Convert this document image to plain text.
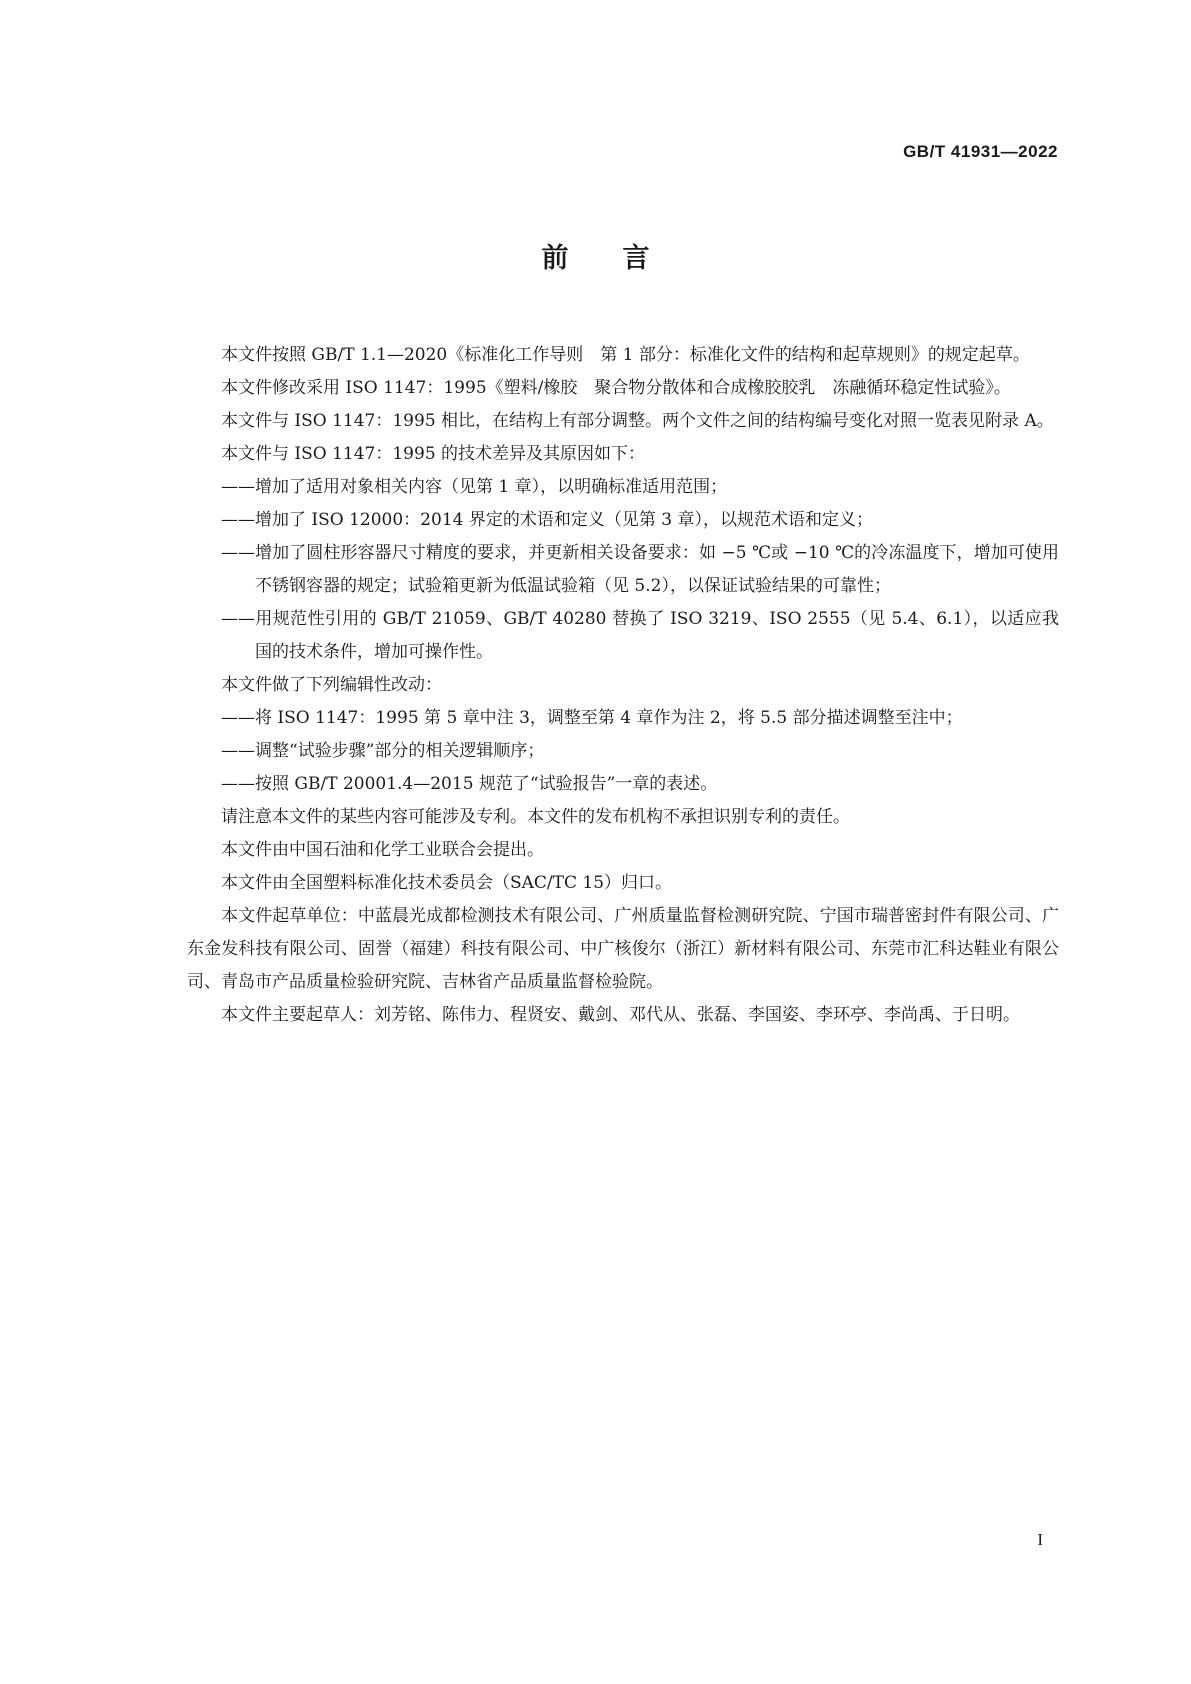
GB/T 41931—2022
前言

本文件按照 GB/T 1.1—2020《标准化工作导则　第 1 部分：标准化文件的结构和起草规则》的规定起草。

本文件修改采用 ISO 1147：1995《塑料/橡胶　聚合物分散体和合成橡胶胶乳　冻融循环稳定性试验》。

本文件与 ISO 1147：1995 相比，在结构上有部分调整。两个文件之间的结构编号变化对照一览表见附录 A。

本文件与 ISO 1147：1995 的技术差异及其原因如下：

——增加了适用对象相关内容（见第 1 章），以明确标准适用范围；

——增加了 ISO 12000：2014 界定的术语和定义（见第 3 章），以规范术语和定义；

——增加了圆柱形容器尺寸精度的要求，并更新相关设备要求：如 −5 ℃或 −10 ℃的冷冻温度下，增加可使用不锈钢容器的规定；试验箱更新为低温试验箱（见 5.2），以保证试验结果的可靠性；

——用规范性引用的 GB/T 21059、GB/T 40280 替换了 ISO 3219、ISO 2555（见 5.4、6.1），以适应我国的技术条件，增加可操作性。

本文件做了下列编辑性改动：

——将 ISO 1147：1995 第 5 章中注 3，调整至第 4 章作为注 2，将 5.5 部分描述调整至注中；

——调整“试验步骤”部分的相关逻辑顺序；

——按照 GB/T 20001.4—2015 规范了“试验报告”一章的表述。

请注意本文件的某些内容可能涉及专利。本文件的发布机构不承担识别专利的责任。

本文件由中国石油和化学工业联合会提出。

本文件由全国塑料标准化技术委员会（SAC/TC 15）归口。

本文件起草单位：中蓝晨光成都检测技术有限公司、广州质量监督检测研究院、宁国市瑞普密封件有限公司、广东金发科技有限公司、固誉（福建）科技有限公司、中广核俊尔（浙江）新材料有限公司、东莞市汇科达鞋业有限公司、青岛市产品质量检验研究院、吉林省产品质量监督检验院。

本文件主要起草人：刘芳铭、陈伟力、程贤安、戴剑、邓代从、张磊、李国姿、李环亭、李尚禹、于日明。

I
